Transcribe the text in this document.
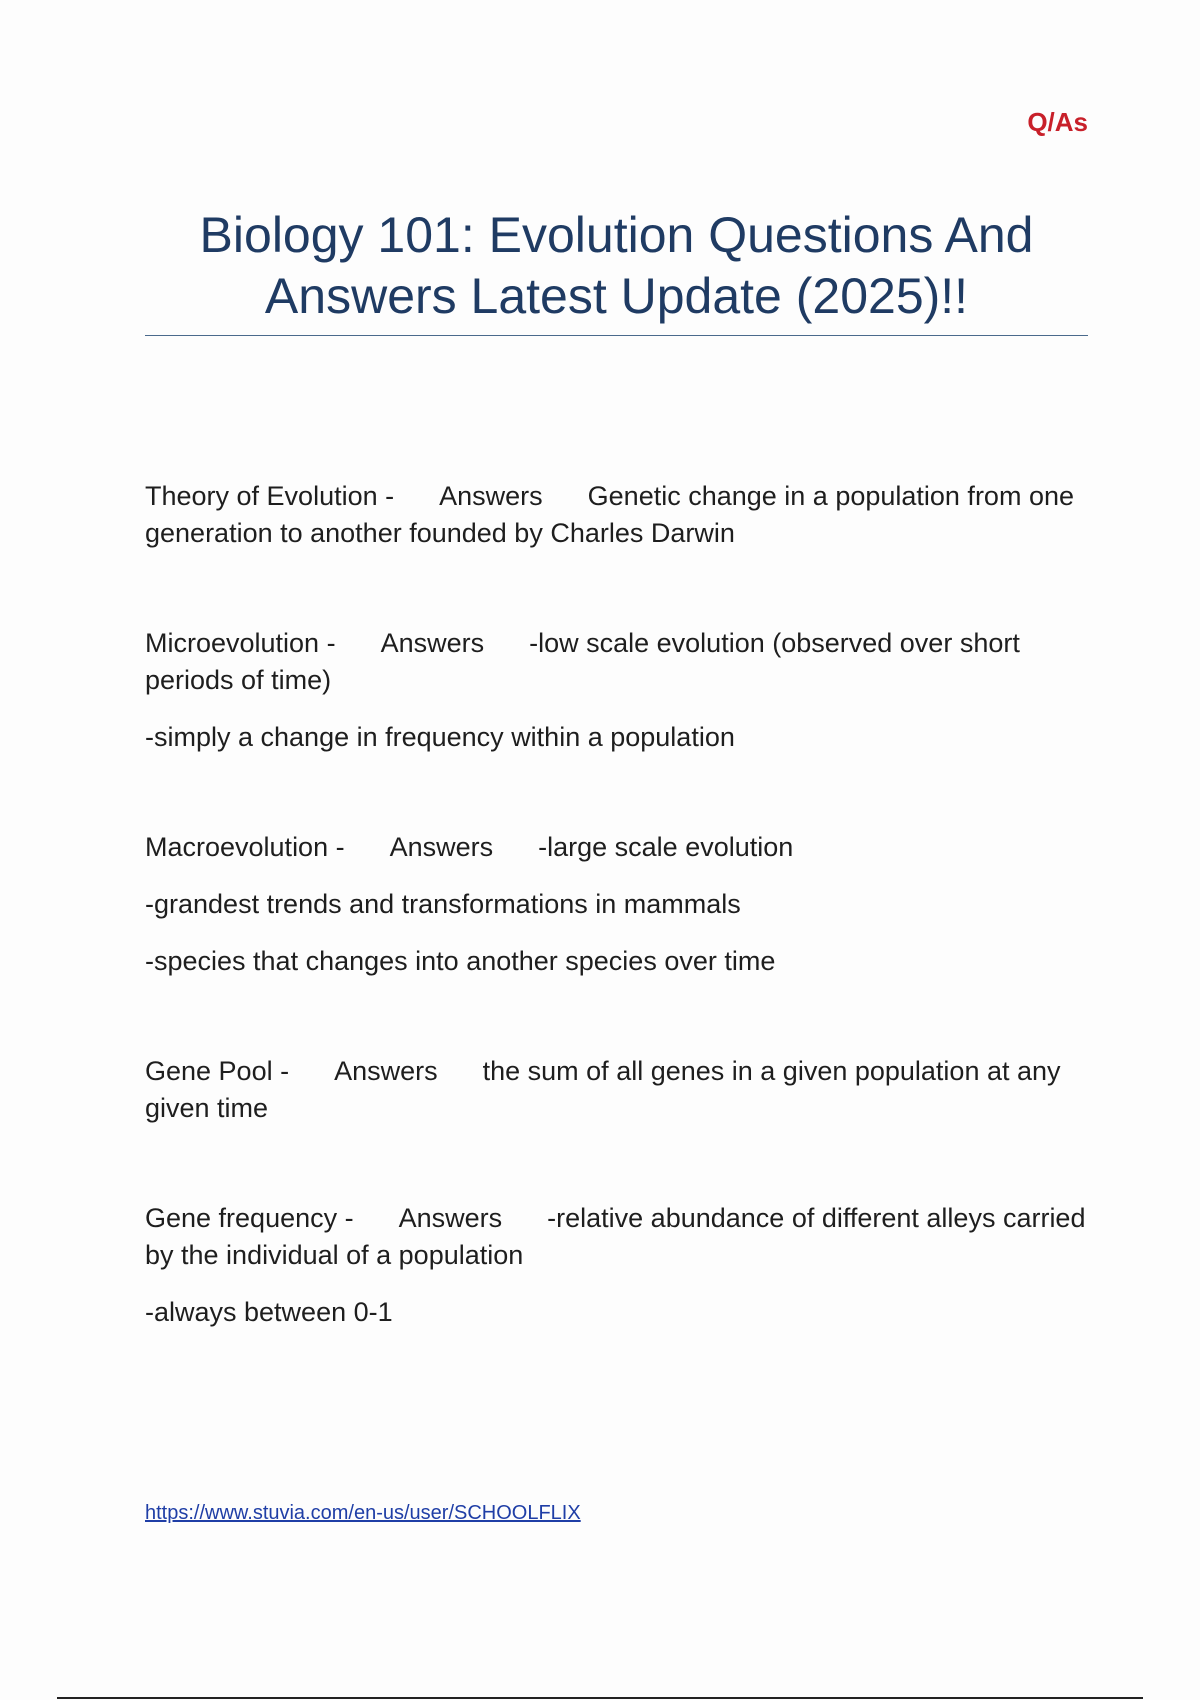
Q/As

Biology 101: Evolution Questions And Answers Latest Update (2025)!!

Theory of Evolution - Answers Genetic change in a population from one generation to another founded by Charles Darwin

Microevolution - Answers -low scale evolution (observed over short periods of time)

-simply a change in frequency within a population

Macroevolution - Answers -large scale evolution

-grandest trends and transformations in mammals

-species that changes into another species over time

Gene Pool - Answers the sum of all genes in a given population at any given time

Gene frequency - Answers -relative abundance of different alleys carried by the individual of a population

-always between 0-1

https://www.stuvia.com/en-us/user/SCHOOLFLIX
